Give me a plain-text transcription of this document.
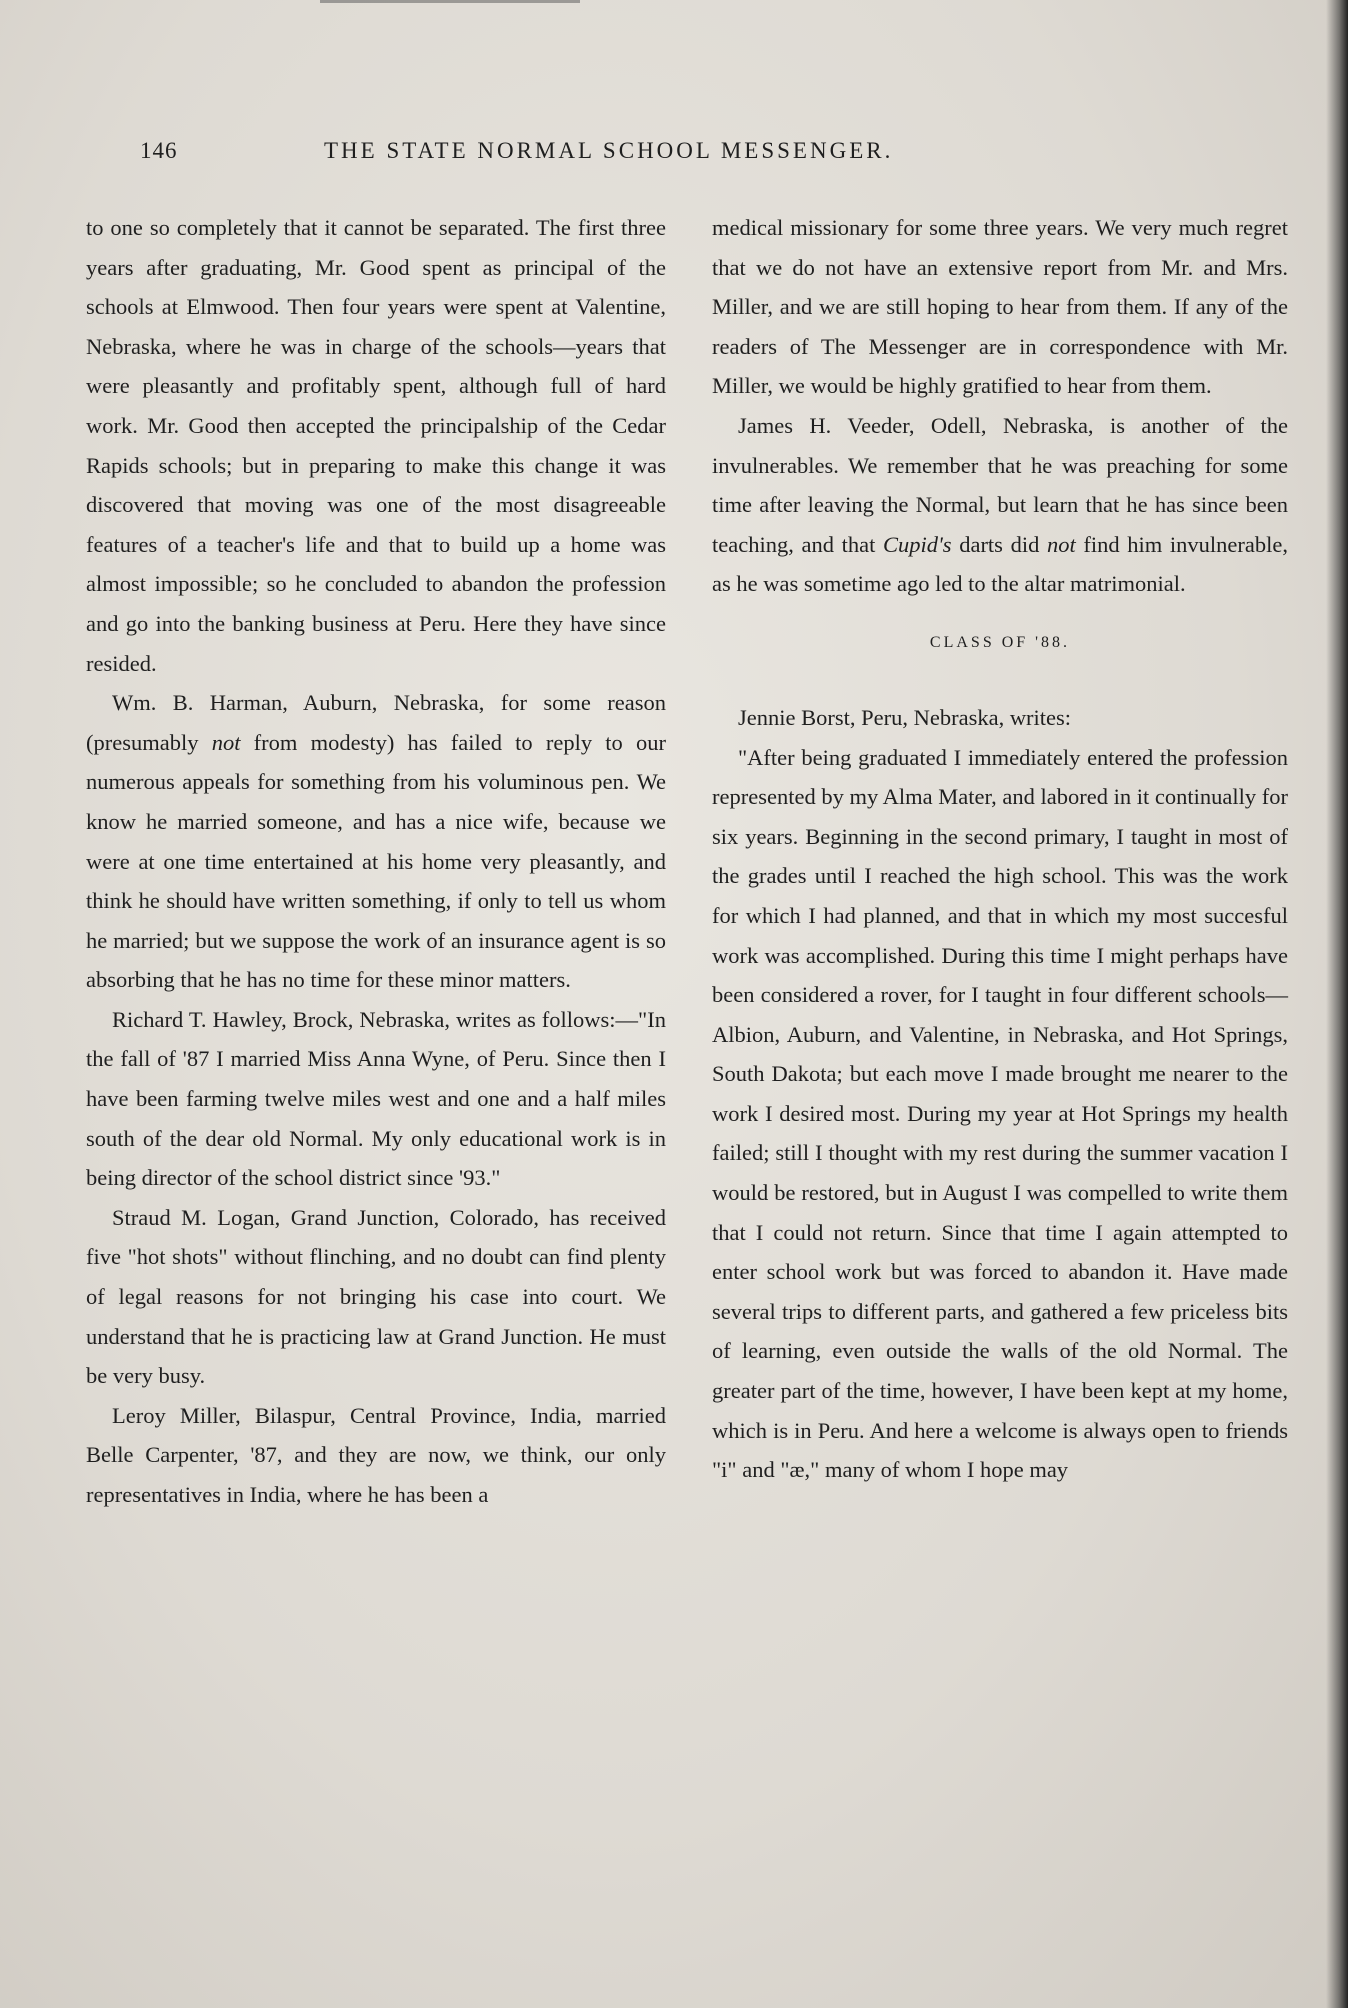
146	THE STATE NORMAL SCHOOL MESSENGER.

to one so completely that it cannot be separated. The first three years after graduating, Mr. Good spent as principal of the schools at Elmwood. Then four years were spent at Valentine, Nebraska, where he was in charge of the schools—years that were pleasantly and profitably spent, although full of hard work. Mr. Good then accepted the principalship of the Cedar Rapids schools; but in preparing to make this change it was discovered that moving was one of the most disagreeable features of a teacher's life and that to build up a home was almost impossible; so he concluded to abandon the profession and go into the banking business at Peru. Here they have since resided.

Wm. B. Harman, Auburn, Nebraska, for some reason (presumably not from modesty) has failed to reply to our numerous appeals for something from his voluminous pen. We know he married someone, and has a nice wife, because we were at one time entertained at his home very pleasantly, and think he should have written something, if only to tell us whom he married; but we suppose the work of an insurance agent is so absorbing that he has no time for these minor matters.

Richard T. Hawley, Brock, Nebraska, writes as follows:—"In the fall of '87 I married Miss Anna Wyne, of Peru. Since then I have been farming twelve miles west and one and a half miles south of the dear old Normal. My only educational work is in being director of the school district since '93."

Straud M. Logan, Grand Junction, Colorado, has received five "hot shots" without flinching, and no doubt can find plenty of legal reasons for not bringing his case into court. We understand that he is practicing law at Grand Junction. He must be very busy.

Leroy Miller, Bilaspur, Central Province, India, married Belle Carpenter, '87, and they are now, we think, our only representatives in India, where he has been a

medical missionary for some three years. We very much regret that we do not have an extensive report from Mr. and Mrs. Miller, and we are still hoping to hear from them. If any of the readers of The Messenger are in correspondence with Mr. Miller, we would be highly gratified to hear from them.

James H. Veeder, Odell, Nebraska, is another of the invulnerables. We remember that he was preaching for some time after leaving the Normal, but learn that he has since been teaching, and that Cupid's darts did not find him invulnerable, as he was sometime ago led to the altar matrimonial.

CLASS OF '88.

Jennie Borst, Peru, Nebraska, writes:

"After being graduated I immediately entered the profession represented by my Alma Mater, and labored in it continually for six years. Beginning in the second primary, I taught in most of the grades until I reached the high school. This was the work for which I had planned, and that in which my most succesful work was accomplished. During this time I might perhaps have been considered a rover, for I taught in four different schools—Albion, Auburn, and Valentine, in Nebraska, and Hot Springs, South Dakota; but each move I made brought me nearer to the work I desired most. During my year at Hot Springs my health failed; still I thought with my rest during the summer vacation I would be restored, but in August I was compelled to write them that I could not return. Since that time I again attempted to enter school work but was forced to abandon it. Have made several trips to different parts, and gathered a few priceless bits of learning, even outside the walls of the old Normal. The greater part of the time, however, I have been kept at my home, which is in Peru. And here a welcome is always open to friends "i" and "æ," many of whom I hope may
